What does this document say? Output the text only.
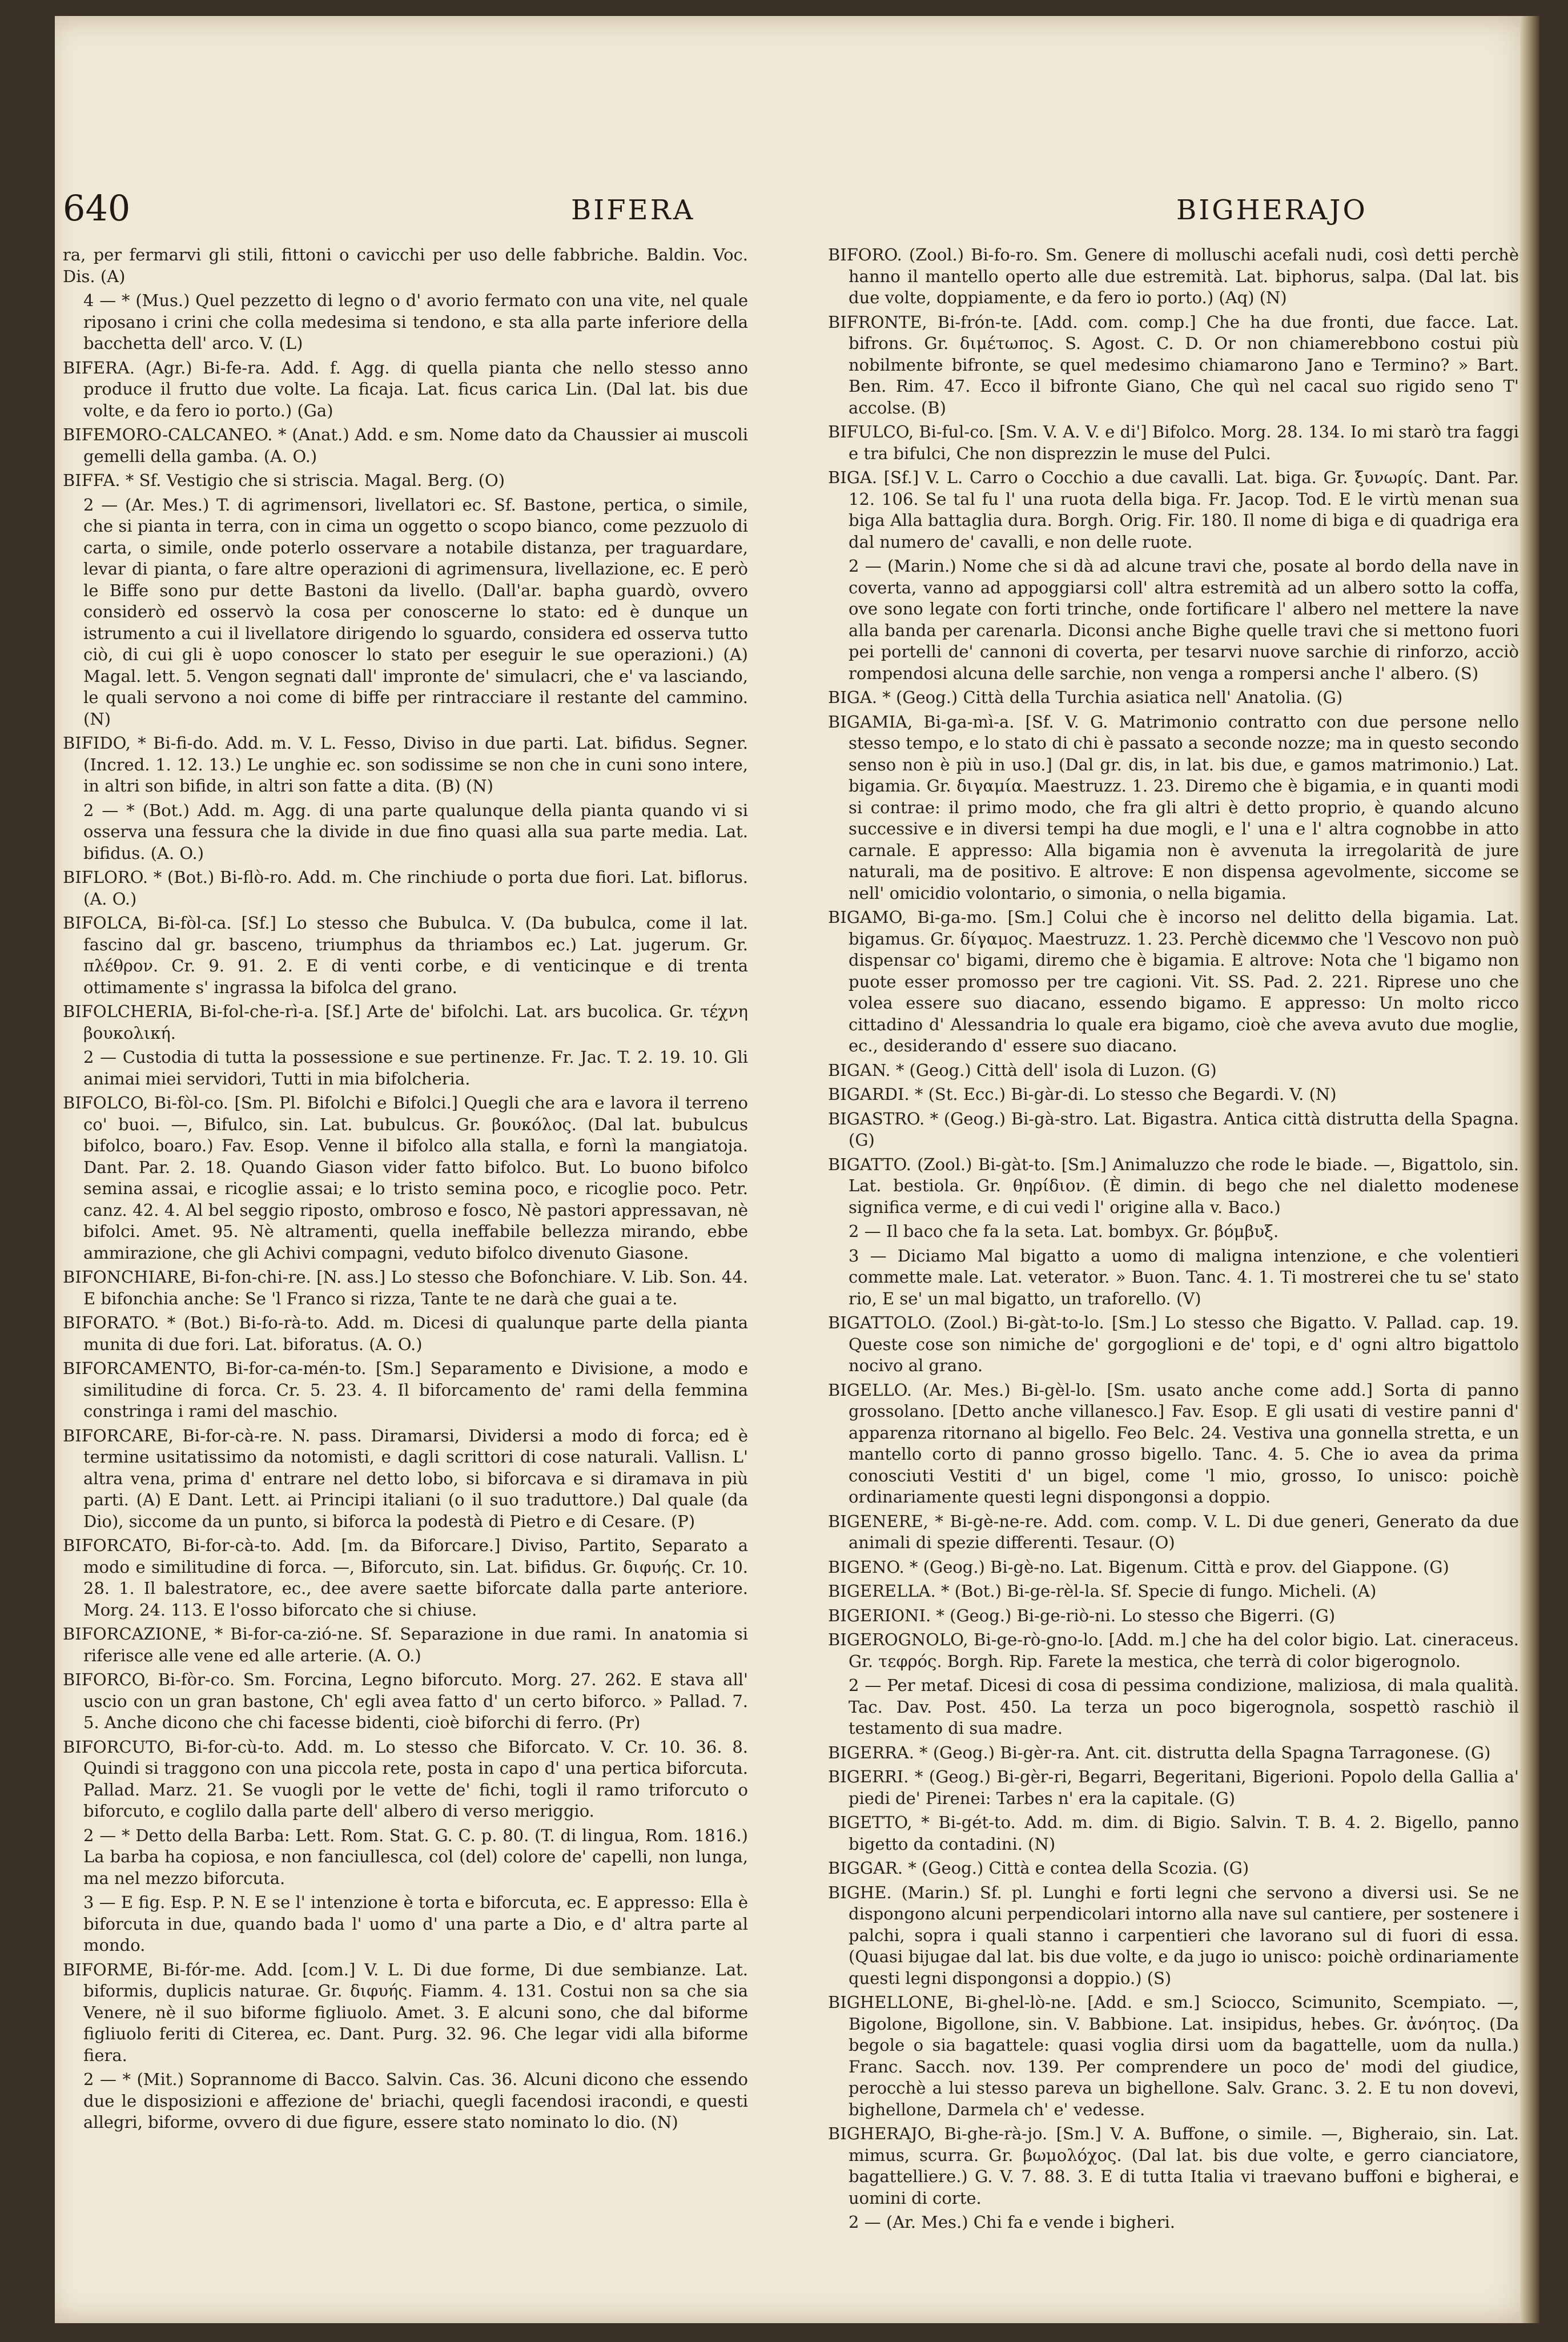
640	BIFERA	BIGHERAJO

ra, per fermarvi gli stili, fittoni o cavicchi per uso delle fabbriche. Baldin. Voc. Dis. (A)

4 — * (Mus.) Quel pezzetto di legno o d' avorio fermato con una vite, nel quale riposano i crini che colla medesima si tendono, e sta alla parte inferiore della bacchetta dell' arco. V. (L)

BIFERA. (Agr.) Bi-fe-ra. Add. f. Agg. di quella pianta che nello stesso anno produce il frutto due volte. La ficaja. Lat. ficus carica Lin. (Dal lat. bis due volte, e da fero io porto.) (Ga)

BIFEMORO-CALCANEO. * (Anat.) Add. e sm. Nome dato da Chaussier ai muscoli gemelli della gamba. (A. O.)

BIFFA. * Sf. Vestigio che si striscia. Magal. Berg. (O)

2 — (Ar. Mes.) T. di agrimensori, livellatori ec. Sf. Bastone, pertica, o simile, che si pianta in terra, con in cima un oggetto o scopo bianco, come pezzuolo di carta, o simile, onde poterlo osservare a notabile distanza, per traguardare, levar di pianta, o fare altre operazioni di agrimensura, livellazione, ec. E però le Biffe sono pur dette Bastoni da livello. (Dall'ar. bapha guardò, ovvero considerò ed osservò la cosa per conoscerne lo stato: ed è dunque un istrumento a cui il livellatore dirigendo lo sguardo, considera ed osserva tutto ciò, di cui gli è uopo conoscer lo stato per eseguir le sue operazioni.) (A) Magal. lett. 5. Vengon segnati dall' impronte de' simulacri, che e' va lasciando, le quali servono a noi come di biffe per rintracciare il restante del cammino. (N)

BIFIDO, * Bi-fi-do. Add. m. V. L. Fesso, Diviso in due parti. Lat. bifidus. Segner. (Incred. 1. 12. 13.) Le unghie ec. son sodissime se non che in cuni sono intere, in altri son bifide, in altri son fatte a dita. (B) (N)

2 — * (Bot.) Add. m. Agg. di una parte qualunque della pianta quando vi si osserva una fessura che la divide in due fino quasi alla sua parte media. Lat. bifidus. (A. O.)

BIFLORO. * (Bot.) Bi-flò-ro. Add. m. Che rinchiude o porta due fiori. Lat. biflorus. (A. O.)

BIFOLCA, Bi-fòl-ca. [Sf.] Lo stesso che Bubulca. V. (Da bubulca, come il lat. fascino dal gr. bascenο, triumphus da thriambos ec.) Lat. jugerum. Gr. πλέθρον. Cr. 9. 91. 2. E di venti corbe, e di venticinque e di trenta ottimamente s' ingrassa la bifolca del grano.

BIFOLCHERIA, Bi-fol-che-rì-a. [Sf.] Arte de' bifolchi. Lat. ars bucolica. Gr. τέχνη βουκολική.

2 — Custodia di tutta la possessione e sue pertinenze. Fr. Jac. T. 2. 19. 10. Gli animai miei servidori, Tutti in mia bifolcheria.

BIFOLCO, Bi-fòl-co. [Sm. Pl. Bifolchi e Bifolci.] Quegli che ara e lavora il terreno co' buoi. —, Bifulco, sin. Lat. bubulcus. Gr. βουκόλος. (Dal lat. bubulcus bifolco, boaro.) Fav. Esop. Venne il bifolco alla stalla, e fornì la mangiatoja. Dant. Par. 2. 18. Quando Giason vider fatto bifolco. But. Lo buono bifolco semina assai, e ricoglie assai; e lo tristo semina poco, e ricoglie poco. Petr. canz. 42. 4. Al bel seggio riposto, ombroso e fosco, Nè pastori appressavan, nè bifolci. Amet. 95. Nè altramenti, quella ineffabile bellezza mirando, ebbe ammirazione, che gli Achivi compagni, veduto bifolco divenuto Giasone.

BIFONCHIARE, Bi-fon-chi-re. [N. ass.] Lo stesso che Bofonchiare. V. Lib. Son. 44. E bifonchia anche: Se 'l Franco si rizza, Tante te ne darà che guai a te.

BIFORATO. * (Bot.) Bi-fo-rà-to. Add. m. Dicesi di qualunque parte della pianta munita di due fori. Lat. biforatus. (A. O.)

BIFORCAMENTO, Bi-for-ca-mén-to. [Sm.] Separamento e Divisione, a modo e similitudine di forca. Cr. 5. 23. 4. Il biforcamento de' rami della femmina constringa i rami del maschio.

BIFORCARE, Bi-for-cà-re. N. pass. Diramarsi, Dividersi a modo di forca; ed è termine usitatissimo da notomisti, e dagli scrittori di cose naturali. Vallisn. L' altra vena, prima d' entrare nel detto lobo, si biforcava e si diramava in più parti. (A) E Dant. Lett. ai Principi italiani (o il suo traduttore.) Dal quale (da Dio), siccome da un punto, si biforca la podestà di Pietro e di Cesare. (P)

BIFORCATO, Bi-for-cà-to. Add. [m. da Biforcare.] Diviso, Partito, Separato a modo e similitudine di forca. —, Biforcuto, sin. Lat. bifidus. Gr. διφυής. Cr. 10. 28. 1. Il balestratore, ec., dee avere saette biforcate dalla parte anteriore. Morg. 24. 113. E l'osso biforcato che si chiuse.

BIFORCAZIONE, * Bi-for-ca-zió-ne. Sf. Separazione in due rami. In anatomia si riferisce alle vene ed alle arterie. (A. O.)

BIFORCO, Bi-fòr-co. Sm. Forcina, Legno biforcuto. Morg. 27. 262. E stava all' uscio con un gran bastone, Ch' egli avea fatto d' un certo biforco. » Pallad. 7. 5. Anche dicono che chi facesse bidenti, cioè biforchi di ferro. (Pr)

BIFORCUTO, Bi-for-cù-to. Add. m. Lo stesso che Biforcato. V. Cr. 10. 36. 8. Quindi si traggono con una piccola rete, posta in capo d' una pertica biforcuta. Pallad. Marz. 21. Se vuogli por le vette de' fichi, togli il ramo triforcuto o biforcuto, e coglilo dalla parte dell' albero di verso meriggio.

2 — * Detto della Barba: Lett. Rom. Stat. G. C. p. 80. (T. di lingua, Rom. 1816.) La barba ha copiosa, e non fanciullesca, col (del) colore de' capelli, non lunga, ma nel mezzo biforcuta.

3 — E fig. Esp. P. N. E se l' intenzione è torta e biforcuta, ec. E appresso: Ella è biforcuta in due, quando bada l' uomo d' una parte a Dio, e d' altra parte al mondo.

BIFORME, Bi-fór-me. Add. [com.] V. L. Di due forme, Di due sembianze. Lat. biformis, duplicis naturae. Gr. διφυής. Fiamm. 4. 131. Costui non sa che sia Venere, nè il suo biforme figliuolo. Amet. 3. E alcuni sono, che dal biforme figliuolo feriti di Citerea, ec. Dant. Purg. 32. 96. Che legar vidi alla biforme fiera.

2 — * (Mit.) Soprannome di Bacco. Salvin. Cas. 36. Alcuni dicono che essendo due le disposizioni e affezione de' briachi, quegli facendosi iracondi, e questi allegri, biforme, ovvero di due figure, essere stato nominato lo dio. (N)

BIFORO. (Zool.) Bi-fo-ro. Sm. Genere di molluschi acefali nudi, così detti perchè hanno il mantello operto alle due estremità. Lat. biphorus, salpa. (Dal lat. bis due volte, doppiamente, e da fero io porto.) (Aq) (N)

BIFRONTE, Bi-frón-te. [Add. com. comp.] Che ha due fronti, due facce. Lat. bifrons. Gr. διμέτωπος. S. Agost. C. D. Or non chiamerebbono costui più nobilmente bifronte, se quel medesimo chiamarono Jano e Termino? » Bart. Ben. Rim. 47. Ecco il bifronte Giano, Che quì nel cacal suo rigido seno T' accolse. (B)

BIFULCO, Bi-ful-co. [Sm. V. A. V. e di'] Bifolco. Morg. 28. 134. Io mi starò tra faggi e tra bifulci, Che non disprezzin le muse del Pulci.

BIGA. [Sf.] V. L. Carro o Cocchio a due cavalli. Lat. biga. Gr. ξυνωρίς. Dant. Par. 12. 106. Se tal fu l' una ruota della biga. Fr. Jacop. Tod. E le virtù menan sua biga Alla battaglia dura. Borgh. Orig. Fir. 180. Il nome di biga e di quadriga era dal numero de' cavalli, e non delle ruote.

2 — (Marin.) Nome che si dà ad alcune travi che, posate al bordo della nave in coverta, vanno ad appoggiarsi coll' altra estremità ad un albero sotto la coffa, ove sono legate con forti trinche, onde fortificare l' albero nel mettere la nave alla banda per carenarla. Diconsi anche Bighe quelle travi che si mettono fuori pei portelli de' cannoni di coverta, per tesarvi nuove sarchie di rinforzo, acciò rompendosi alcuna delle sarchie, non venga a rompersi anche l' albero. (S)

BIGA. * (Geog.) Città della Turchia asiatica nell' Anatolia. (G)

BIGAMIA, Bi-ga-mì-a. [Sf. V. G. Matrimonio contratto con due persone nello stesso tempo, e lo stato di chi è passato a seconde nozze; ma in questo secondo senso non è più in uso.] (Dal gr. dis, in lat. bis due, e gamos matrimonio.) Lat. bigamia. Gr. διγαμία. Maestruzz. 1. 23. Diremo che è bigamia, e in quanti modi si contrae: il primo modo, che fra gli altri è detto proprio, è quando alcuno successive e in diversi tempi ha due mogli, e l' una e l' altra cognobbe in atto carnale. E appresso: Alla bigamia non è avvenuta la irregolarità de jure naturali, ma de positivo. E altrove: E non dispensa agevolmente, siccome se nell' omicidio volontario, o simonia, o nella bigamia.

BIGAMO, Bi-ga-mo. [Sm.] Colui che è incorso nel delitto della bigamia. Lat. bigamus. Gr. δίγαμος. Maestruzz. 1. 23. Perchè diceммо che 'l Vescovo non può dispensar co' bigami, diremo che è bigamia. E altrove: Nota che 'l bigamo non puote esser promosso per tre cagioni. Vit. SS. Pad. 2. 221. Riprese uno che volea essere suo diacano, essendo bigamo. E appresso: Un molto ricco cittadino d' Alessandria lo quale era bigamo, cioè che aveva avuto due moglie, ec., desiderando d' essere suo diacano.

BIGAN. * (Geog.) Città dell' isola di Luzon. (G)

BIGARDI. * (St. Ecc.) Bi-gàr-di. Lo stesso che Begardi. V. (N)

BIGASTRO. * (Geog.) Bi-gà-stro. Lat. Bigastra. Antica città distrutta della Spagna. (G)

BIGATTO. (Zool.) Bi-gàt-to. [Sm.] Animaluzzo che rode le biade. —, Bigattolo, sin. Lat. bestiola. Gr. θηρίδιον. (È dimin. di bego che nel dialetto modenese significa verme, e di cui vedi l' origine alla v. Baco.)

2 — Il baco che fa la seta. Lat. bombyx. Gr. βόμβυξ.

3 — Diciamo Mal bigatto a uomo di maligna intenzione, e che volentieri commette male. Lat. veterator. » Buon. Tanc. 4. 1. Ti mostrerei che tu se' stato rio, E se' un mal bigatto, un traforello. (V)

BIGATTOLO. (Zool.) Bi-gàt-to-lo. [Sm.] Lo stesso che Bigatto. V. Pallad. cap. 19. Queste cose son nimiche de' gorgoglioni e de' topi, e d' ogni altro bigattolo nocivo al grano.

BIGELLO. (Ar. Mes.) Bi-gèl-lo. [Sm. usato anche come add.] Sorta di panno grossolano. [Detto anche villanesco.] Fav. Esop. E gli usati di vestire panni d' apparenza ritornano al bigello. Feo Belc. 24. Vestiva una gonnella stretta, e un mantello corto di panno grosso bigello. Tanc. 4. 5. Che io avea da prima conosciuti Vestiti d' un bigel, come 'l mio, grosso, Io unisco: poichè ordinariamente questi legni dispongonsi a doppio.

BIGENERE, * Bi-gè-ne-re. Add. com. comp. V. L. Di due generi, Generato da due animali di spezie differenti. Tesaur. (O)

BIGENO. * (Geog.) Bi-gè-no. Lat. Bigenum. Città e prov. del Giappone. (G)

BIGERELLA. * (Bot.) Bi-ge-rèl-la. Sf. Specie di fungo. Micheli. (A)

BIGERIONI. * (Geog.) Bi-ge-riò-ni. Lo stesso che Bigerri. (G)

BIGEROGNOLO, Bi-ge-rò-gno-lo. [Add. m.] che ha del color bigio. Lat. cineraceus. Gr. τεφρός. Borgh. Rip. Farete la mestica, che terrà di color bigerognolo.

2 — Per metaf. Dicesi di cosa di pessima condizione, maliziosa, di mala qualità. Tac. Dav. Post. 450. La terza un poco bigerognola, sospettò raschiò il testamento di sua madre.

BIGERRA. * (Geog.) Bi-gèr-ra. Ant. cit. distrutta della Spagna Tarragonese. (G)

BIGERRI. * (Geog.) Bi-gèr-ri, Begarri, Begeritani, Bigerioni. Popolo della Gallia a' piedi de' Pirenei: Tarbes n' era la capitale. (G)

BIGETTO, * Bi-gét-to. Add. m. dim. di Bigio. Salvin. T. B. 4. 2. Bigello, panno bigetto da contadini. (N)

BIGGAR. * (Geog.) Città e contea della Scozia. (G)

BIGHE. (Marin.) Sf. pl. Lunghi e forti legni che servono a diversi usi. Se ne dispongono alcuni perpendicolari intorno alla nave sul cantiere, per sostenere i palchi, sopra i quali stanno i carpentieri che lavorano sul di fuori di essa. (Quasi bijugae dal lat. bis due volte, e da jugo io unisco: poichè ordinariamente questi legni dispongonsi a doppio.) (S)

BIGHELLONE, Bi-ghel-lò-ne. [Add. e sm.] Sciocco, Scimunito, Scempiato. —, Bigolone, Bigollone, sin. V. Babbione. Lat. insipidus, hebes. Gr. ἀνόητος. (Da begole o sia bagattele: quasi voglia dirsi uom da bagattelle, uom da nulla.) Franc. Sacch. nov. 139. Per comprendere un poco de' modi del giudice, perocchè a lui stesso pareva un bighellone. Salv. Granc. 3. 2. E tu non dovevi, bighellone, Darmela ch' e' vedesse.

BIGHERAJO, Bi-ghe-rà-jo. [Sm.] V. A. Buffone, o simile. —, Bigheraio, sin. Lat. mimus, scurra. Gr. βωμολόχος. (Dal lat. bis due volte, e gerro cianciatore, bagattelliere.) G. V. 7. 88. 3. E di tutta Italia vi traevano buffoni e bigherai, e uomini di corte.

2 — (Ar. Mes.) Chi fa e vende i bigheri.
